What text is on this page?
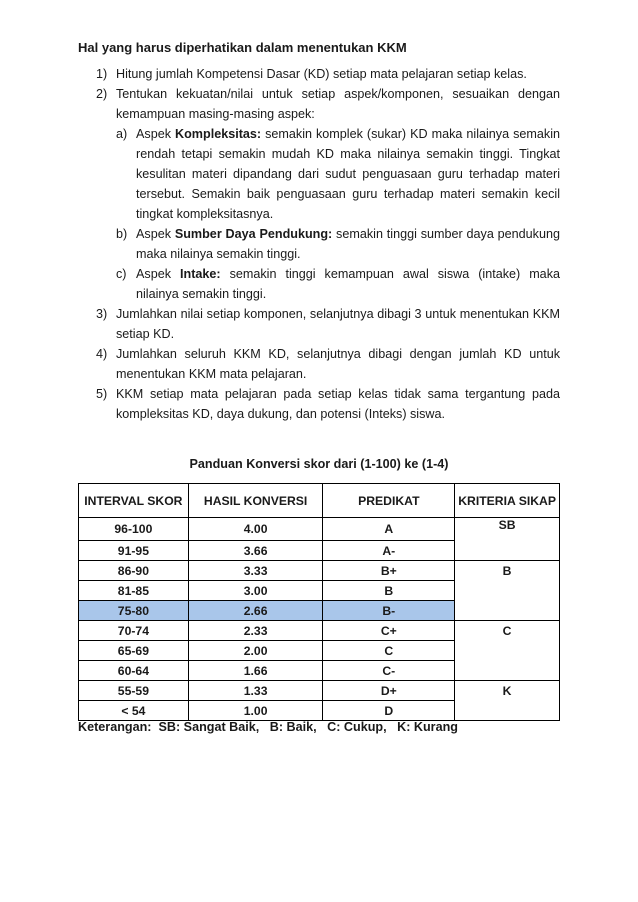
Hal yang harus diperhatikan dalam menentukan KKM
1) Hitung jumlah Kompetensi Dasar (KD) setiap mata pelajaran setiap kelas.
2) Tentukan kekuatan/nilai untuk setiap aspek/komponen, sesuaikan dengan kemampuan masing-masing aspek:
a) Aspek Kompleksitas: semakin komplek (sukar) KD maka nilainya semakin rendah tetapi semakin mudah KD maka nilainya semakin tinggi. Tingkat kesulitan materi dipandang dari sudut penguasaan guru terhadap materi tersebut. Semakin baik penguasaan guru terhadap materi semakin kecil tingkat kompleksitasnya.
b) Aspek Sumber Daya Pendukung: semakin tinggi sumber daya pendukung maka nilainya semakin tinggi.
c) Aspek Intake: semakin tinggi kemampuan awal siswa (intake) maka nilainya semakin tinggi.
3) Jumlahkan nilai setiap komponen, selanjutnya dibagi 3 untuk menentukan KKM setiap KD.
4) Jumlahkan seluruh KKM KD, selanjutnya dibagi dengan jumlah KD untuk menentukan KKM mata pelajaran.
5) KKM setiap mata pelajaran pada setiap kelas tidak sama tergantung pada kompleksitas KD, daya dukung, dan potensi (Inteks) siswa.
Panduan Konversi skor dari (1-100) ke (1-4)
INTERVAL SKOR	HASIL KONVERSI	PREDIKAT	KRITERIA SIKAP
96-100	4.00	A	SB
91-95	3.66	A-	
86-90	3.33	B+	B
81-85	3.00	B	
75-80	2.66	B-	
70-74	2.33	C+	C
65-69	2.00	C	
60-64	1.66	C-	
55-59	1.33	D+	K
< 54	1.00	D	
Keterangan:  SB: Sangat Baik,   B: Baik,   C: Cukup,   K: Kurang
